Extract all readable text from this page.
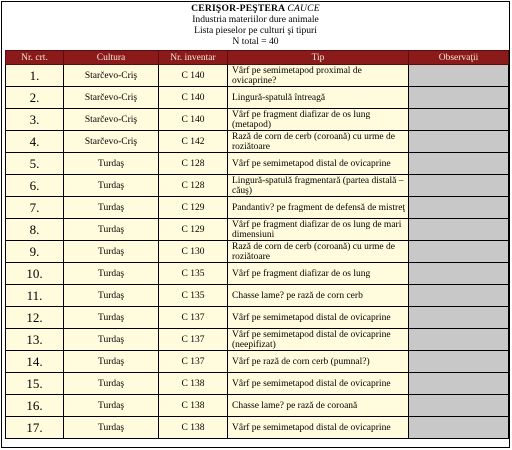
CERIŞOR-PEŞTERA CAUCE
Industria materiilor dure animale
Lista pieselor pe culturi şi tipuri
N total = 40
Nr. crt.	Cultura	Nr. inventar	Tip	Observaţii
1.	Starčevo-Criş	C 140	Vârf pe semimetapod proximal de ovicaprine?	
2.	Starčevo-Criş	C 140	Lingură-spatulă întreagă	
3.	Starčevo-Criş	C 140	Vârf pe fragment diafizar de os lung (metapod)	
4.	Starčevo-Criş	C 142	Rază de corn de cerb (coroană) cu urme de roziătoare	
5.	Turdaş	C 128	Vârf pe semimetapod distal de ovicaprine	
6.	Turdaş	C 128	Lingură-spatulă fragmentară (partea distală – căuş)	
7.	Turdaş	C 129	Pandantiv? pe fragment de defensă de mistreţ	
8.	Turdaş	C 129	Vârf pe fragment diafizar de os lung de mari dimensiuni	
9.	Turdaş	C 130	Rază de corn de cerb (coroană) cu urme de roziătoare	
10.	Turdaş	C 135	Vârf pe fragment diafizar de os lung	
11.	Turdaş	C 135	Chasse lame? pe rază de corn cerb	
12.	Turdaş	C 137	Vârf pe semimetapod distal de ovicaprine	
13.	Turdaş	C 137	Vârf pe semimetapod distal de ovicaprine (neepifizat)	
14.	Turdaş	C 137	Vârf pe rază de corn cerb (pumnal?)	
15.	Turdaş	C 138	Vârf pe semimetapod distal de ovicaprine	
16.	Turdaş	C 138	Chasse lame? pe rază de coroană	
17.	Turdaş	C 138	Vârf pe semimetapod distal de ovicaprine	
